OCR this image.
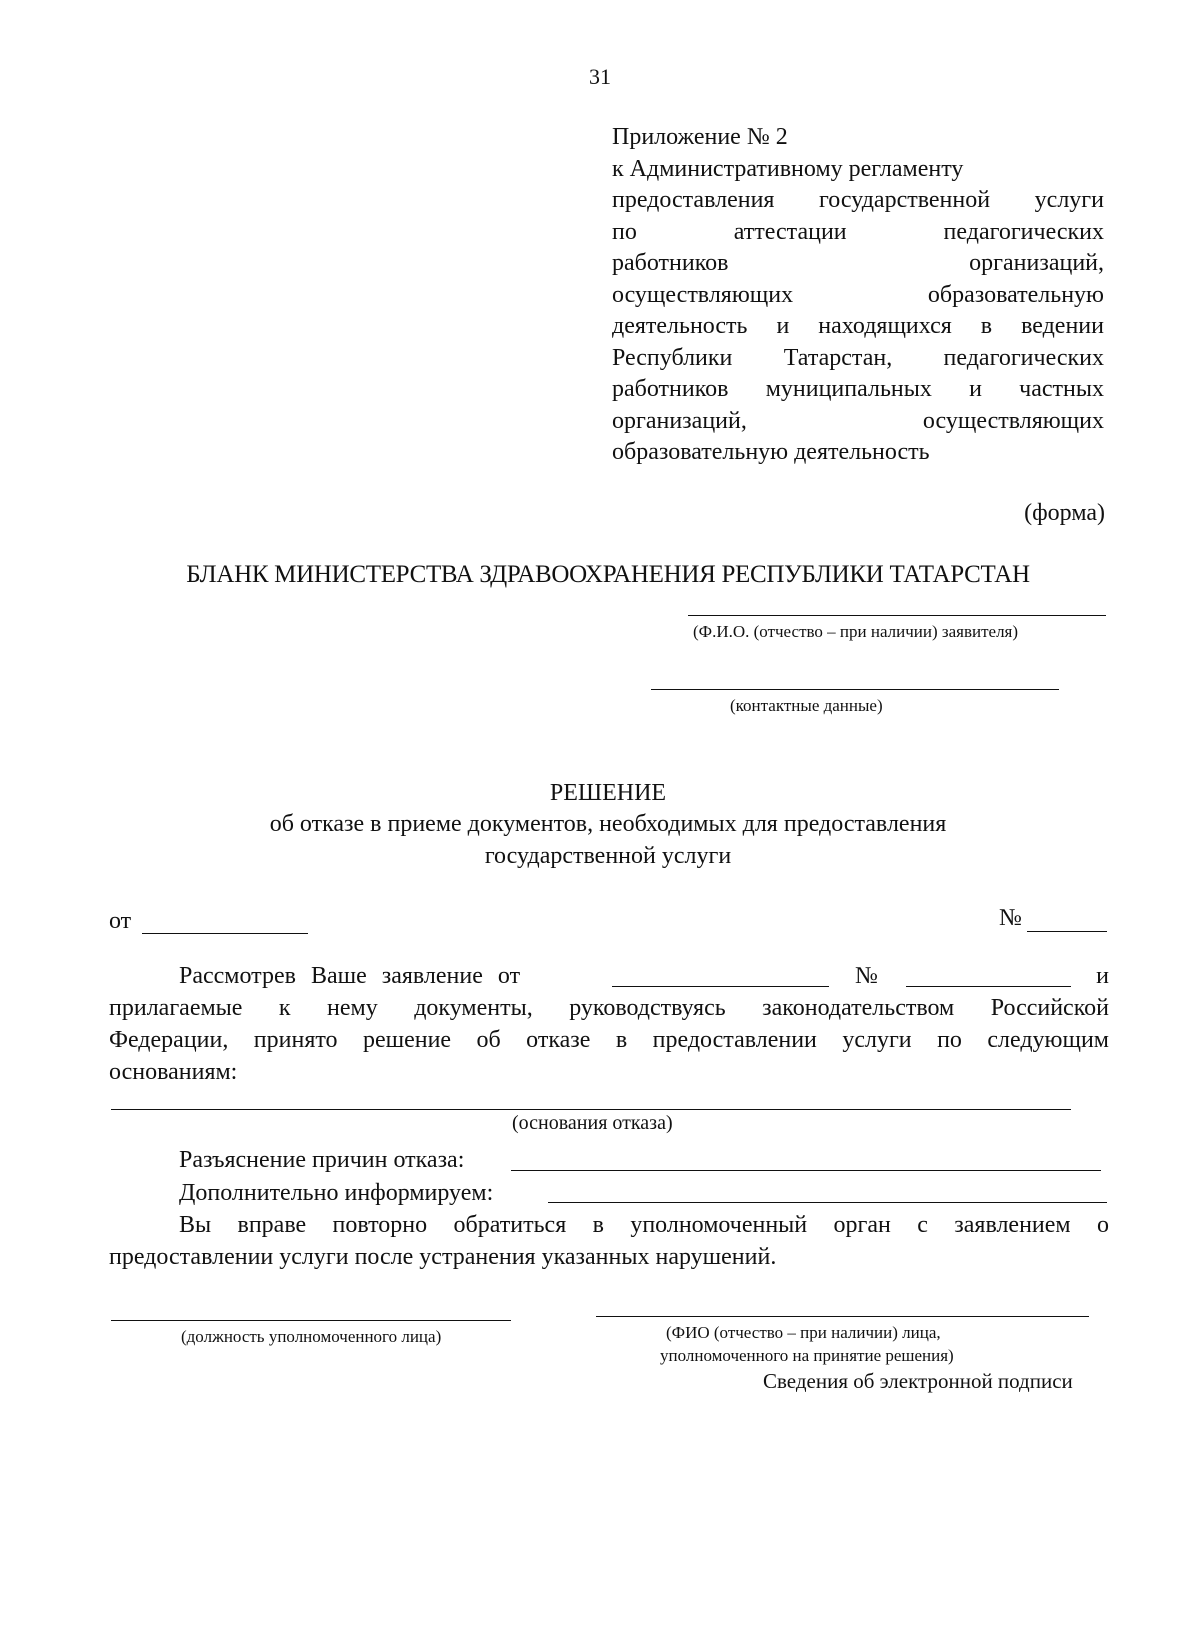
31
Приложение № 2
к Административному регламенту
предоставления государственной услуги
по аттестации педагогических
работников организаций,
осуществляющих образовательную
деятельность и находящихся в ведении
Республики Татарстан, педагогических
работников муниципальных и частных
организаций, осуществляющих
образовательную деятельность
(форма)
БЛАНК МИНИСТЕРСТВА ЗДРАВООХРАНЕНИЯ РЕСПУБЛИКИ ТАТАРСТАН
(Ф.И.О. (отчество – при наличии) заявителя)
(контактные данные)
РЕШЕНИЕ
об отказе в приеме документов, необходимых для предоставления
государственной услуги
от	№
Рассмотрев Ваше заявление от	№	и
прилагаемые к нему документы, руководствуясь законодательством Российской
Федерации, принято решение об отказе в предоставлении услуги по следующим
основаниям:
(основания отказа)
Разъяснение причин отказа:
Дополнительно информируем:
Вы вправе повторно обратиться в уполномоченный орган с заявлением о
предоставлении услуги после устранения указанных нарушений.
(должность уполномоченного лица)	(ФИО (отчество – при наличии) лица,
уполномоченного на принятие решения)
Сведения об электронной подписи
